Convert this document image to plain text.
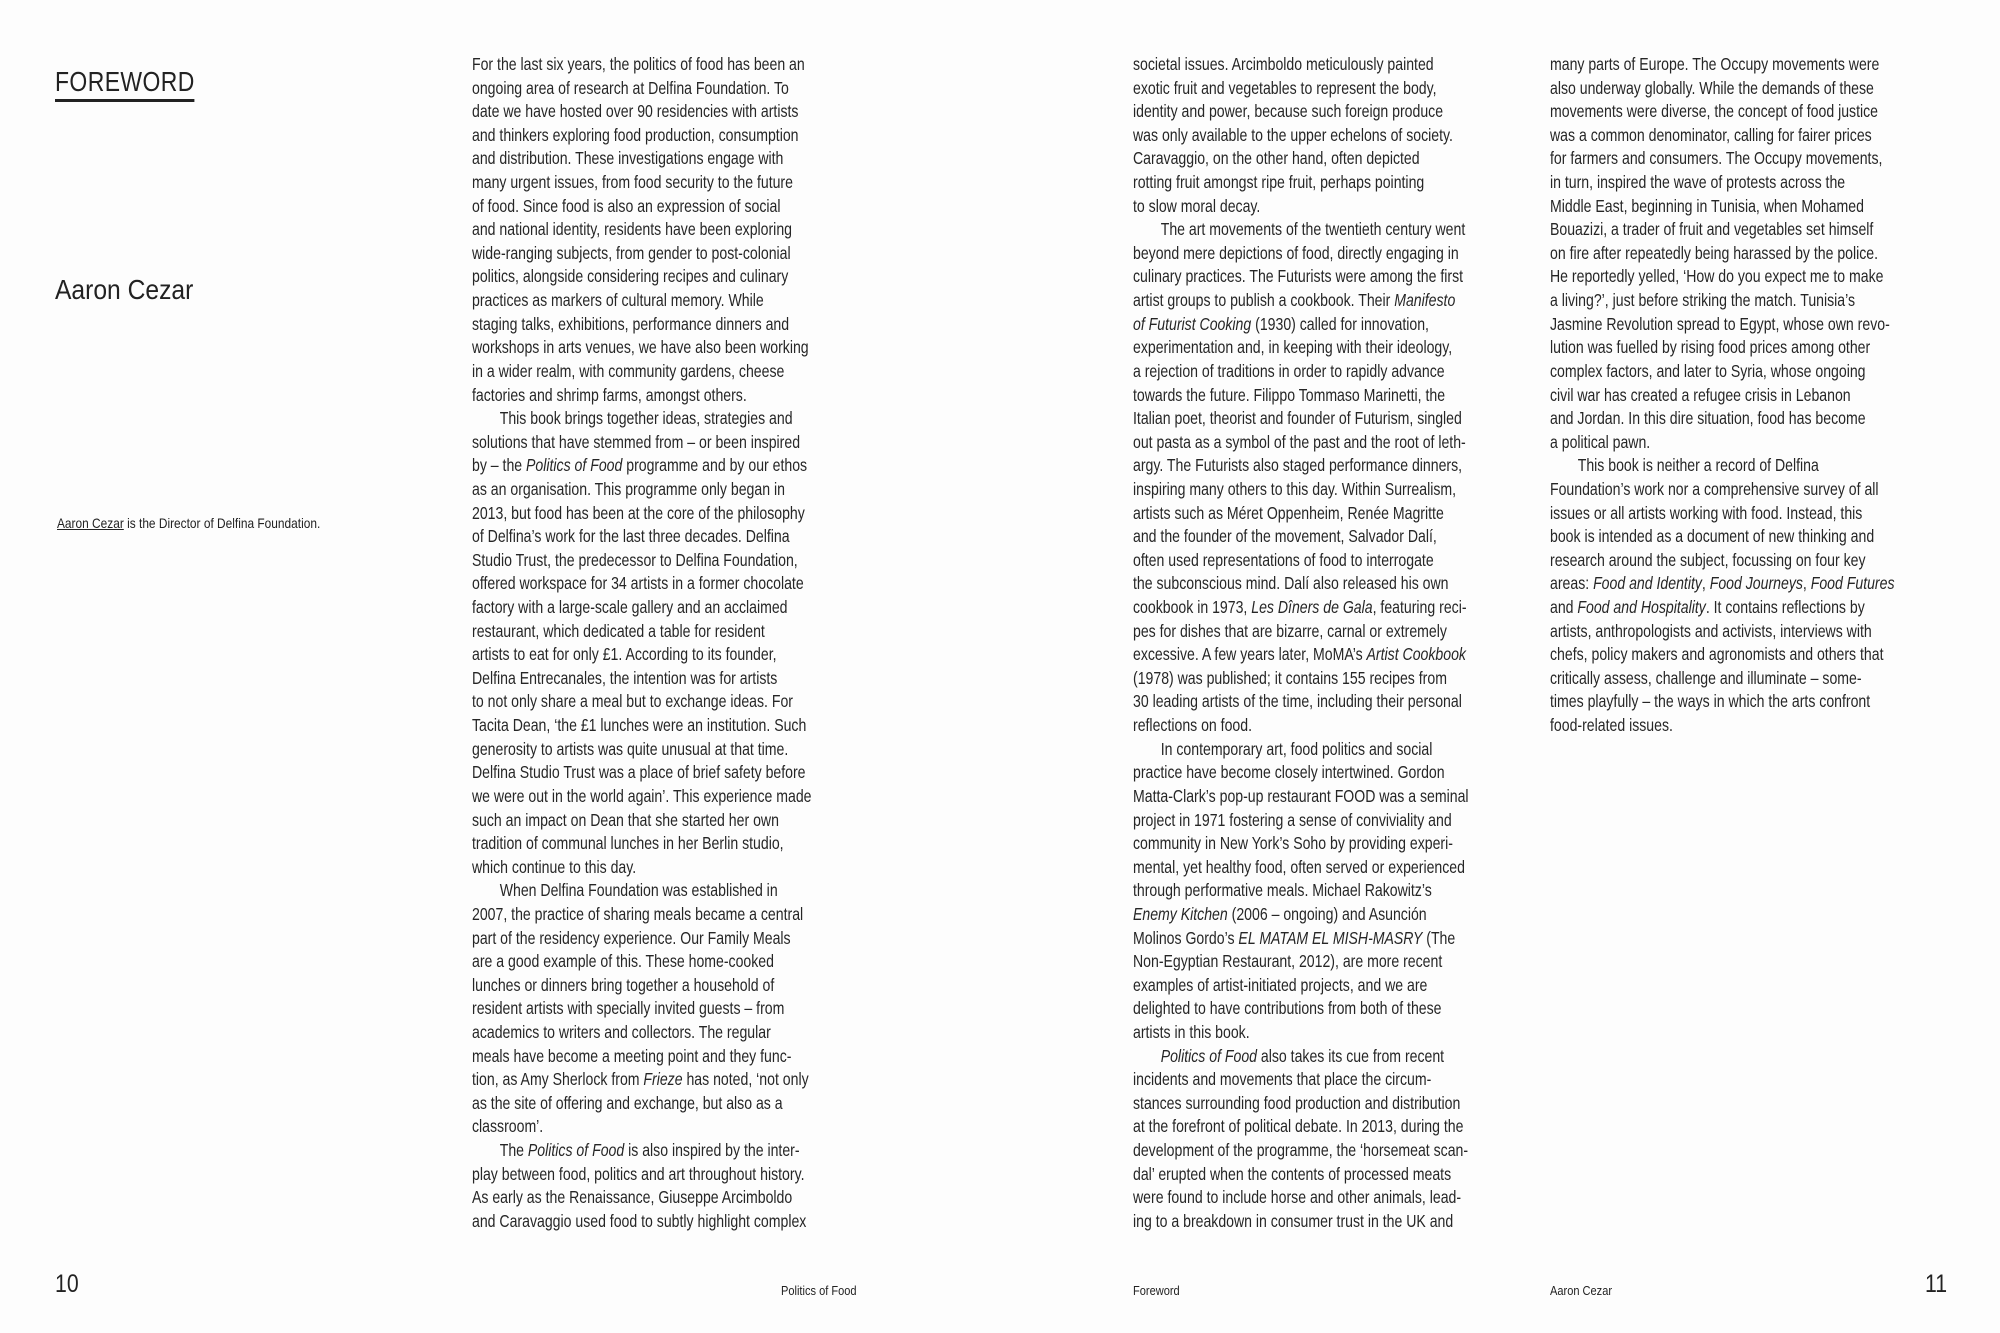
FOREWORD
Aaron Cezar
Aaron Cezar is the Director of Delfina Foundation.
For the last six years, the politics of food has been an
ongoing area of research at Delfina Foundation. To
date we have hosted over 90 residencies with artists
and thinkers exploring food production, consumption
and distribution. These investigations engage with
many urgent issues, from food security to the future
of food. Since food is also an expression of social
and national identity, residents have been exploring
wide-ranging subjects, from gender to post-colonial
politics, alongside considering recipes and culinary
practices as markers of cultural memory. While
staging talks, exhibitions, performance dinners and
workshops in arts venues, we have also been working
in a wider realm, with community gardens, cheese
factories and shrimp farms, amongst others.
This book brings together ideas, strategies and
solutions that have stemmed from – or been inspired
by – the Politics of Food programme and by our ethos
as an organisation. This programme only began in
2013, but food has been at the core of the philosophy
of Delfina’s work for the last three decades. Delfina
Studio Trust, the predecessor to Delfina Foundation,
offered workspace for 34 artists in a former chocolate
factory with a large-scale gallery and an acclaimed
restaurant, which dedicated a table for resident
artists to eat for only £1. According to its founder,
Delfina Entrecanales, the intention was for artists
to not only share a meal but to exchange ideas. For
Tacita Dean, ‘the £1 lunches were an institution. Such
generosity to artists was quite unusual at that time.
Delfina Studio Trust was a place of brief safety before
we were out in the world again’. This experience made
such an impact on Dean that she started her own
tradition of communal lunches in her Berlin studio,
which continue to this day.
When Delfina Foundation was established in
2007, the practice of sharing meals became a central
part of the residency experience. Our Family Meals
are a good example of this. These home-cooked
lunches or dinners bring together a household of
resident artists with specially invited guests – from
academics to writers and collectors. The regular
meals have become a meeting point and they func-
tion, as Amy Sherlock from Frieze has noted, ‘not only
as the site of offering and exchange, but also as a
classroom’.
The Politics of Food is also inspired by the inter-
play between food, politics and art throughout history.
As early as the Renaissance, Giuseppe Arcimboldo
and Caravaggio used food to subtly highlight complex
10	Politics of Food
societal issues. Arcimboldo meticulously painted
exotic fruit and vegetables to represent the body,
identity and power, because such foreign produce
was only available to the upper echelons of society.
Caravaggio, on the other hand, often depicted
rotting fruit amongst ripe fruit, perhaps pointing
to slow moral decay.
The art movements of the twentieth century went
beyond mere depictions of food, directly engaging in
culinary practices. The Futurists were among the first
artist groups to publish a cookbook. Their Manifesto
of Futurist Cooking (1930) called for innovation,
experimentation and, in keeping with their ideology,
a rejection of traditions in order to rapidly advance
towards the future. Filippo Tommaso Marinetti, the
Italian poet, theorist and founder of Futurism, singled
out pasta as a symbol of the past and the root of leth-
argy. The Futurists also staged performance dinners,
inspiring many others to this day. Within Surrealism,
artists such as Méret Oppenheim, Renée Magritte
and the founder of the movement, Salvador Dalí,
often used representations of food to interrogate
the subconscious mind. Dalí also released his own
cookbook in 1973, Les Dîners de Gala, featuring reci-
pes for dishes that are bizarre, carnal or extremely
excessive. A few years later, MoMA’s Artist Cookbook
(1978) was published; it contains 155 recipes from
30 leading artists of the time, including their personal
reflections on food.
In contemporary art, food politics and social
practice have become closely intertwined. Gordon
Matta-Clark’s pop-up restaurant FOOD was a seminal
project in 1971 fostering a sense of conviviality and
community in New York’s Soho by providing experi-
mental, yet healthy food, often served or experienced
through performative meals. Michael Rakowitz’s
Enemy Kitchen (2006 – ongoing) and Asunción
Molinos Gordo’s EL MATAM EL MISH-MASRY (The
Non-Egyptian Restaurant, 2012), are more recent
examples of artist-initiated projects, and we are
delighted to have contributions from both of these
artists in this book.
Politics of Food also takes its cue from recent
incidents and movements that place the circum-
stances surrounding food production and distribution
at the forefront of political debate. In 2013, during the
development of the programme, the ‘horsemeat scan-
dal’ erupted when the contents of processed meats
were found to include horse and other animals, lead-
ing to a breakdown in consumer trust in the UK and
many parts of Europe. The Occupy movements were
also underway globally. While the demands of these
movements were diverse, the concept of food justice
was a common denominator, calling for fairer prices
for farmers and consumers. The Occupy movements,
in turn, inspired the wave of protests across the
Middle East, beginning in Tunisia, when Mohamed
Bouazizi, a trader of fruit and vegetables set himself
on fire after repeatedly being harassed by the police.
He reportedly yelled, ‘How do you expect me to make
a living?’, just before striking the match. Tunisia’s
Jasmine Revolution spread to Egypt, whose own revo-
lution was fuelled by rising food prices among other
complex factors, and later to Syria, whose ongoing
civil war has created a refugee crisis in Lebanon
and Jordan. In this dire situation, food has become
a political pawn.
This book is neither a record of Delfina
Foundation’s work nor a comprehensive survey of all
issues or all artists working with food. Instead, this
book is intended as a document of new thinking and
research around the subject, focussing on four key
areas: Food and Identity, Food Journeys, Food Futures
and Food and Hospitality. It contains reflections by
artists, anthropologists and activists, interviews with
chefs, policy makers and agronomists and others that
critically assess, challenge and illuminate – some-
times playfully – the ways in which the arts confront
food-related issues.
Foreword	Aaron Cezar	11
